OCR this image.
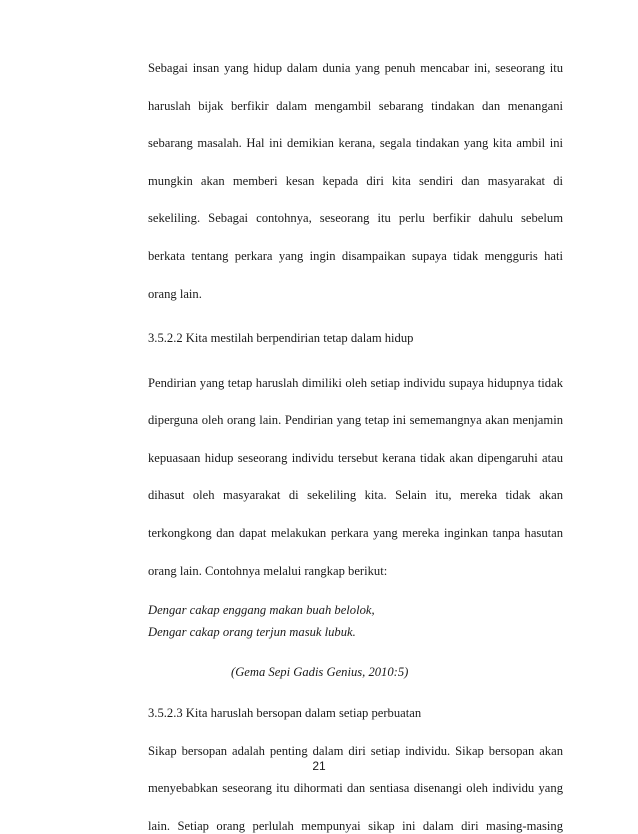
Sebagai insan yang hidup dalam dunia yang penuh mencabar ini, seseorang itu

haruslah bijak berfikir dalam mengambil sebarang tindakan dan menangani

sebarang masalah. Hal ini demikian kerana, segala tindakan yang kita ambil ini

mungkin akan memberi kesan kepada diri kita sendiri dan masyarakat di

sekeliling. Sebagai contohnya, seseorang itu perlu berfikir dahulu sebelum

berkata tentang perkara yang ingin disampaikan supaya tidak mengguris hati

orang lain.

3.5.2.2 Kita mestilah berpendirian tetap dalam hidup

Pendirian yang tetap haruslah dimiliki oleh setiap individu supaya hidupnya tidak

diperguna oleh orang lain. Pendirian yang tetap ini sememangnya akan menjamin

kepuasaan hidup seseorang individu tersebut kerana tidak akan dipengaruhi atau

dihasut oleh masyarakat di sekeliling kita. Selain itu, mereka tidak akan

terkongkong dan dapat melakukan perkara yang mereka inginkan tanpa hasutan

orang lain. Contohnya melalui rangkap berikut:

Dengar cakap enggang makan buah belolok,

Dengar cakap orang terjun masuk lubuk.

(Gema Sepi Gadis Genius, 2010:5)

3.5.2.3 Kita haruslah bersopan dalam setiap perbuatan

Sikap bersopan adalah penting dalam diri setiap individu. Sikap bersopan akan

menyebabkan seseorang itu dihormati dan sentiasa disenangi oleh individu yang

lain. Setiap orang perlulah mempunyai sikap ini dalam diri masing-masing

21
